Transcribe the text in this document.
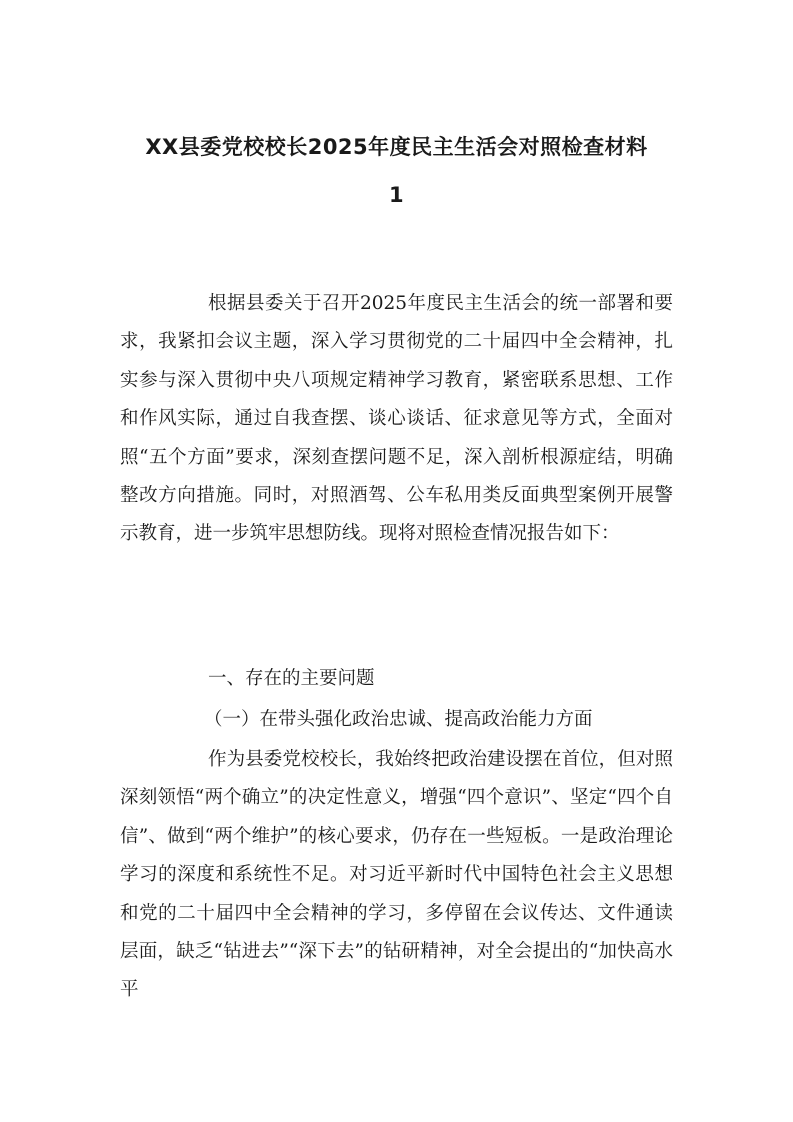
XX县委党校校长2025年度民主生活会对照检查材料
1

根据县委关于召开2025年度民主生活会的统一部署和要求，我紧扣会议主题，深入学习贯彻党的二十届四中全会精神，扎实参与深入贯彻中央八项规定精神学习教育，紧密联系思想、工作和作风实际，通过自我查摆、谈心谈话、征求意见等方式，全面对照“五个方面”要求，深刻查摆问题不足，深入剖析根源症结，明确整改方向措施。同时，对照酒驾、公车私用类反面典型案例开展警示教育，进一步筑牢思想防线。现将对照检查情况报告如下：

一、存在的主要问题

（一）在带头强化政治忠诚、提高政治能力方面

作为县委党校校长，我始终把政治建设摆在首位，但对照深刻领悟“两个确立”的决定性意义，增强“四个意识”、坚定“四个自信”、做到“两个维护”的核心要求，仍存在一些短板。一是政治理论学习的深度和系统性不足。对习近平新时代中国特色社会主义思想和党的二十届四中全会精神的学习，多停留在会议传达、文件通读层面，缺乏“钻进去”“深下去”的钻研精神，对全会提出的“加快高水平
